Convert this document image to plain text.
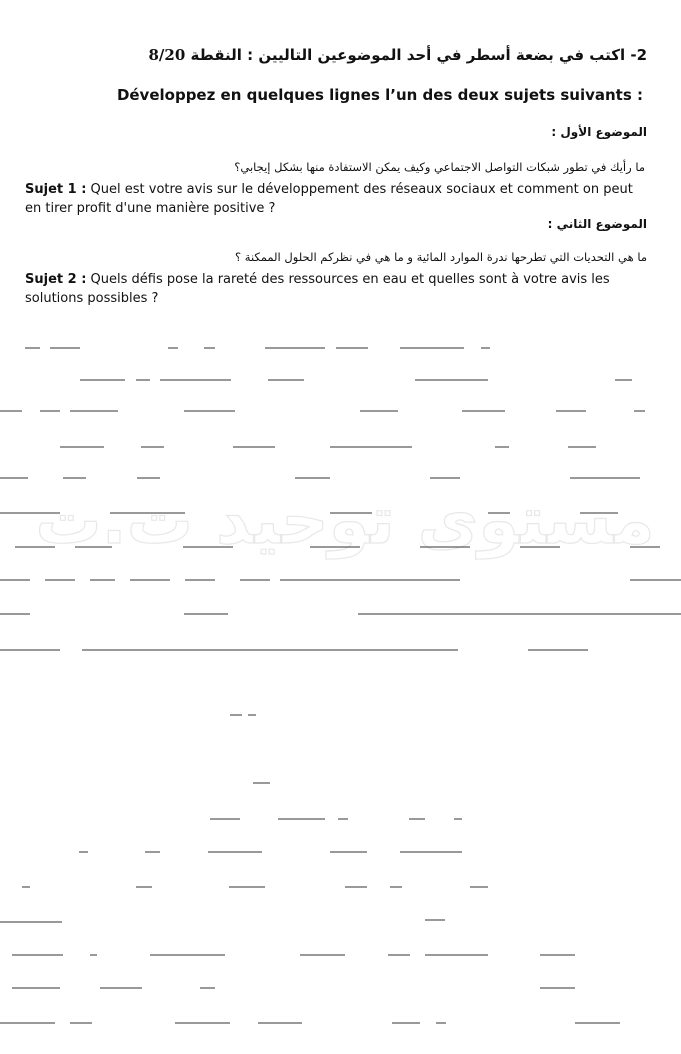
2- اكتب في بضعة أسطر في أحد الموضوعين التاليين : النقطة 8/20
Développez en quelques lignes l’un des deux sujets suivants :
الموضوع الأول :
ما رأيك في تطور شبكات التواصل الاجتماعي وكيف يمكن الاستفادة منها بشكل إيجابي؟
Sujet 1 : Quel est votre avis sur le développement des réseaux sociaux et comment on peut en tirer profit d'une manière positive ?
الموضوع الثاني :
ما هي التحديات التي تطرحها ندرة الموارد المائية و ما هي في نظركم الحلول الممكنة ؟
Sujet 2 : Quels défis pose la rareté des ressources en eau et quelles sont à votre avis les solutions possibles ?
مستوى توحيد ت.ت
